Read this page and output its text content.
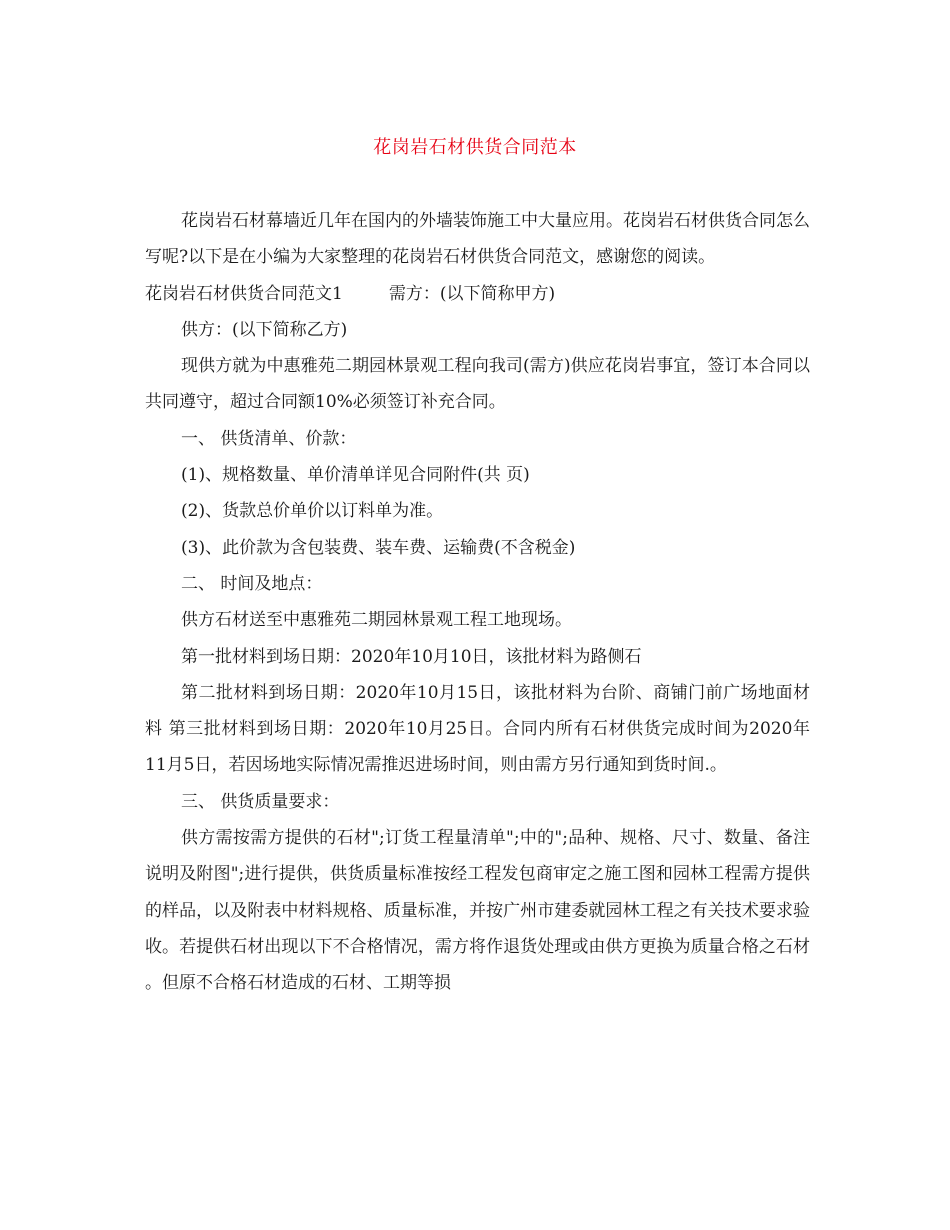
花岗岩石材供货合同范本

花岗岩石材幕墙近几年在国内的外墙装饰施工中大量应用。花岗岩石材供货合同怎么写呢?以下是在小编为大家整理的花岗岩石材供货合同范文，感谢您的阅读。

花岗岩石材供货合同范文1	需方：(以下简称甲方)

供方：(以下简称乙方)

现供方就为中惠雅苑二期园林景观工程向我司(需方)供应花岗岩事宜，签订本合同以共同遵守，超过合同额10%必须签订补充合同。

一、 供货清单、价款：

(1)、规格数量、单价清单详见合同附件(共 页)

(2)、货款总价单价以订料单为准。

(3)、此价款为含包装费、装车费、运输费(不含税金)

二、 时间及地点：

供方石材送至中惠雅苑二期园林景观工程工地现场。

第一批材料到场日期：2020年10月10日，该批材料为路侧石

第二批材料到场日期：2020年10月15日，该批材料为台阶、商铺门前广场地面材料 第三批材料到场日期：2020年10月25日。合同内所有石材供货完成时间为2020年11月5日，若因场地实际情况需推迟进场时间，则由需方另行通知到货时间.。

三、 供货质量要求：

供方需按需方提供的石材";订货工程量清单";中的";品种、规格、尺寸、数量、备注说明及附图";进行提供，供货质量标准按经工程发包商审定之施工图和园林工程需方提供的样品，以及附表中材料规格、质量标准，并按广州市建委就园林工程之有关技术要求验收。若提供石材出现以下不合格情况，需方将作退货处理或由供方更换为质量合格之石材 。但原不合格石材造成的石材、工期等损
